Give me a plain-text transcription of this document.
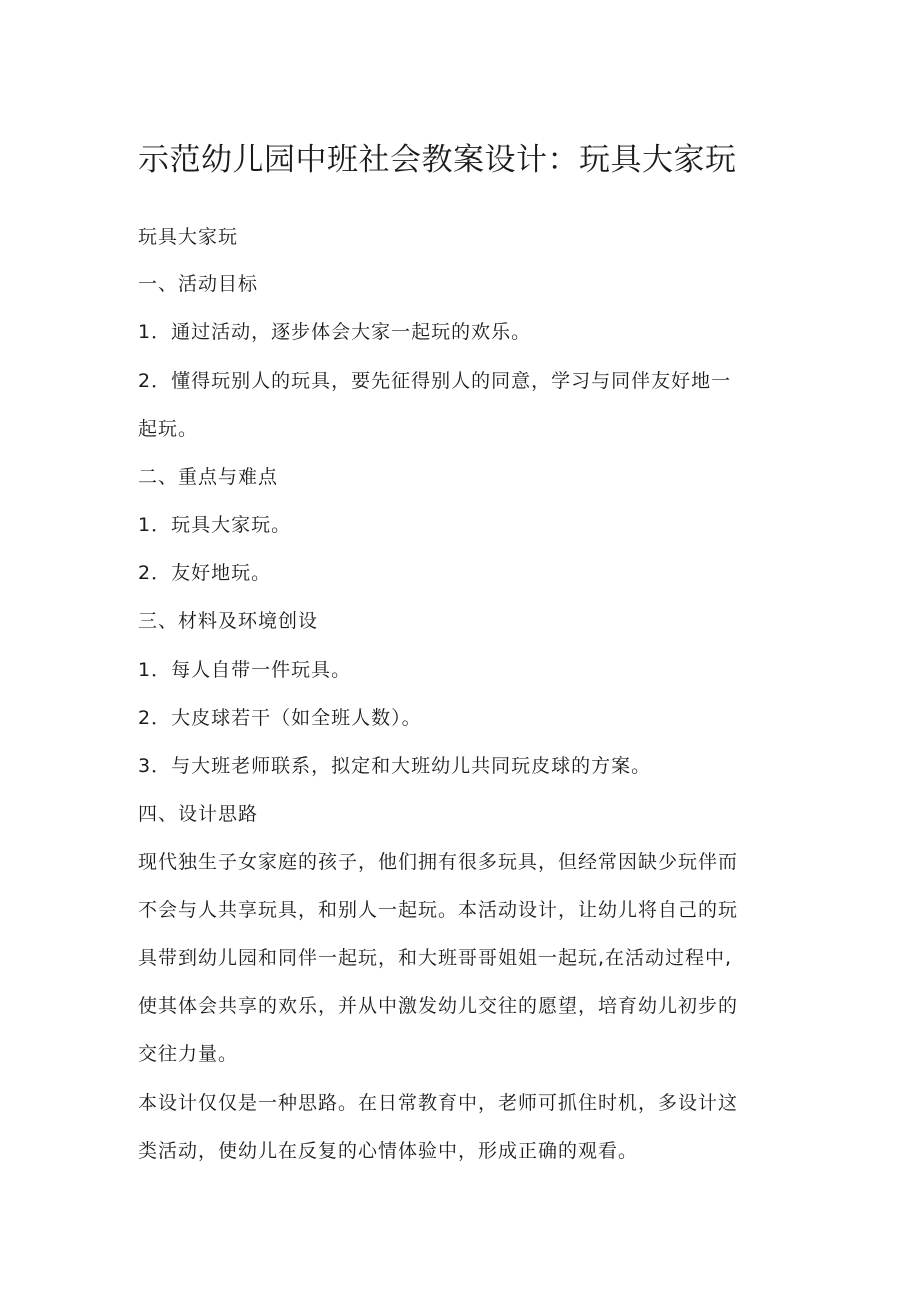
示范幼儿园中班社会教案设计：玩具大家玩
玩具大家玩
一、活动目标
1．通过活动，逐步体会大家一起玩的欢乐。
2．懂得玩别人的玩具，要先征得别人的同意，学习与同伴友好地一
起玩。
二、重点与难点
1．玩具大家玩。
2．友好地玩。
三、材料及环境创设
1．每人自带一件玩具。
2．大皮球若干（如全班人数）。
3．与大班老师联系，拟定和大班幼儿共同玩皮球的方案。
四、设计思路
现代独生子女家庭的孩子，他们拥有很多玩具，但经常因缺少玩伴而
不会与人共享玩具，和别人一起玩。本活动设计，让幼儿将自己的玩
具带到幼儿园和同伴一起玩，和大班哥哥姐姐一起玩,在活动过程中,
使其体会共享的欢乐，并从中激发幼儿交往的愿望，培育幼儿初步的
交往力量。
本设计仅仅是一种思路。在日常教育中，老师可抓住时机，多设计这
类活动，使幼儿在反复的心情体验中，形成正确的观看。
